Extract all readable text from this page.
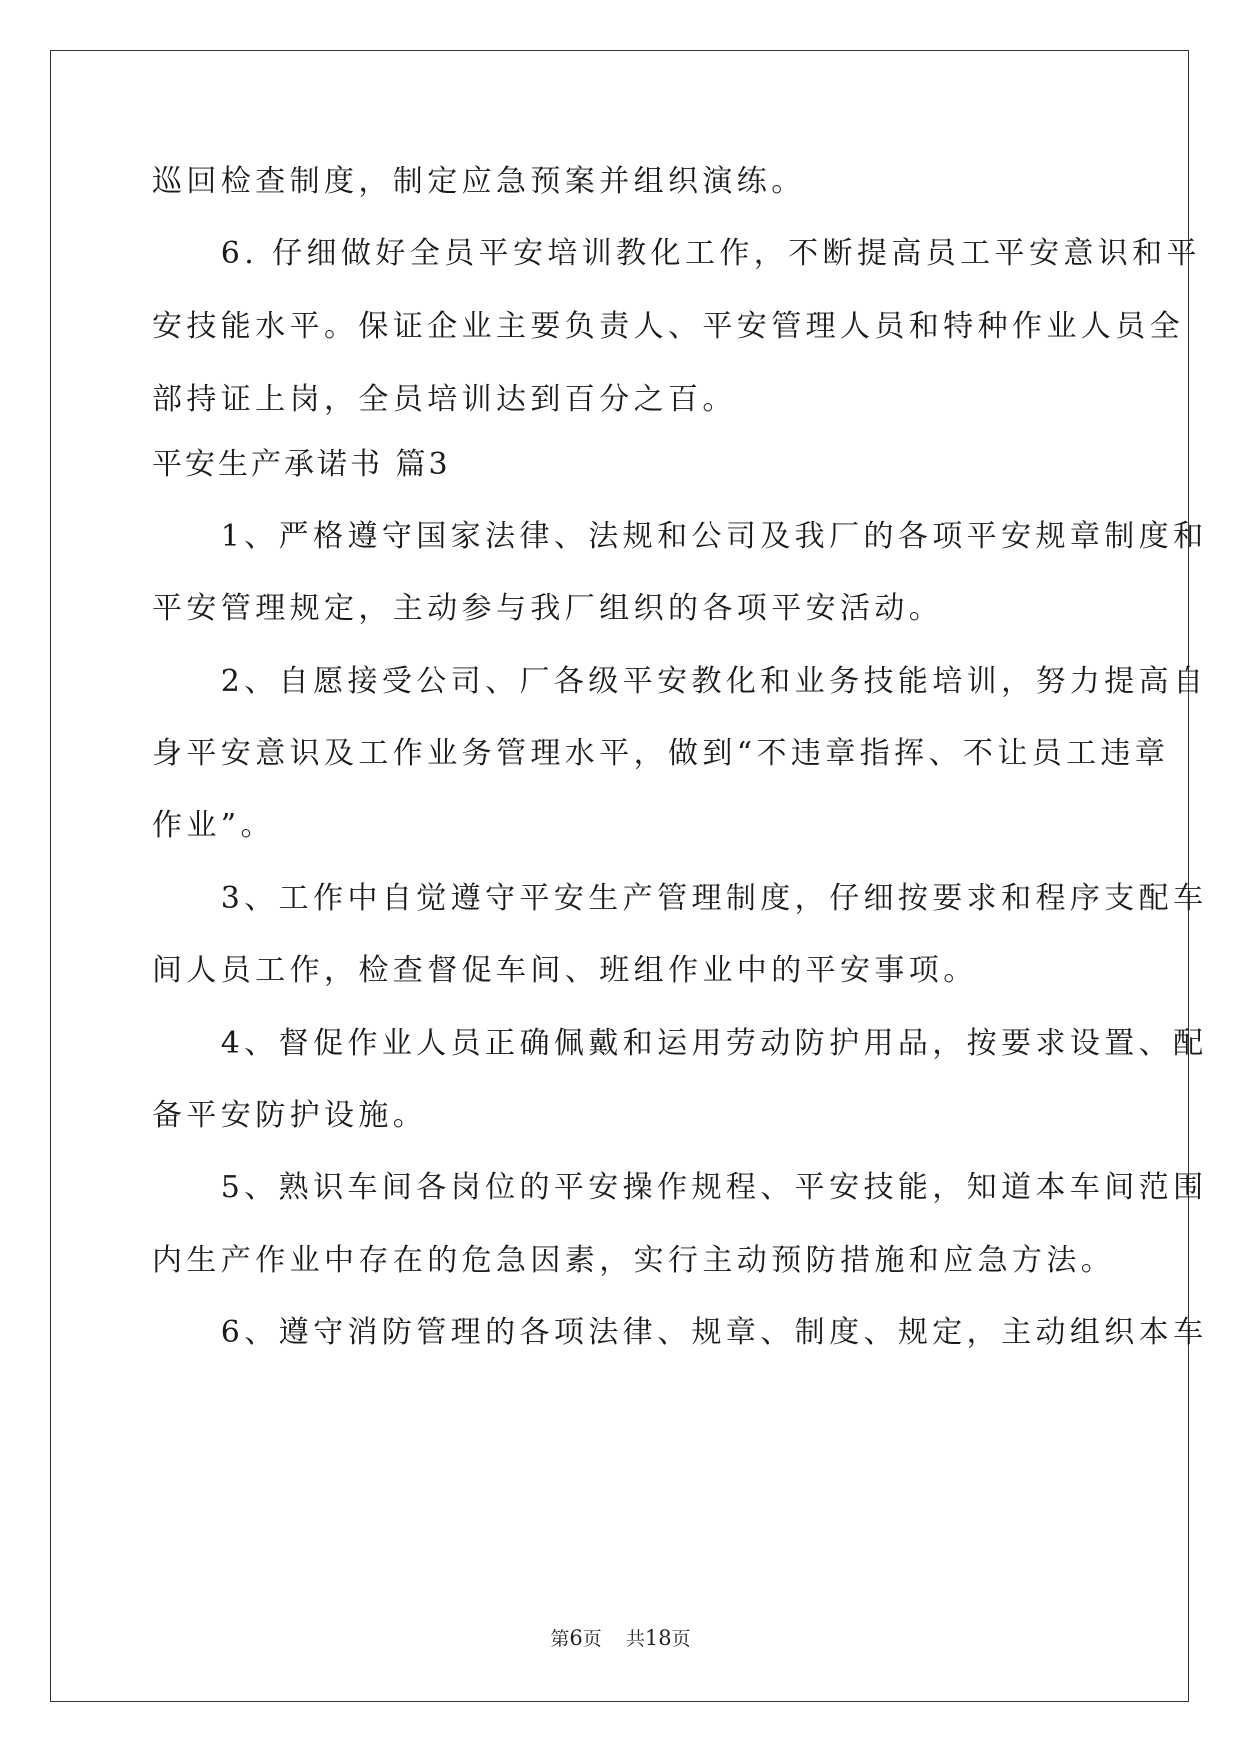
巡回检查制度，制定应急预案并组织演练。
　　6. 仔细做好全员平安培训教化工作，不断提高员工平安意识和平
安技能水平。保证企业主要负责人、平安管理人员和特种作业人员全
部持证上岗，全员培训达到百分之百。
平安生产承诺书 篇3
　　1、严格遵守国家法律、法规和公司及我厂的各项平安规章制度和
平安管理规定，主动参与我厂组织的各项平安活动。
　　2、自愿接受公司、厂各级平安教化和业务技能培训，努力提高自
身平安意识及工作业务管理水平，做到“不违章指挥、不让员工违章
作业”。
　　3、工作中自觉遵守平安生产管理制度，仔细按要求和程序支配车
间人员工作，检查督促车间、班组作业中的平安事项。
　　4、督促作业人员正确佩戴和运用劳动防护用品，按要求设置、配
备平安防护设施。
　　5、熟识车间各岗位的平安操作规程、平安技能，知道本车间范围
内生产作业中存在的危急因素，实行主动预防措施和应急方法。
　　6、遵守消防管理的各项法律、规章、制度、规定，主动组织本车
第6页 共18页
